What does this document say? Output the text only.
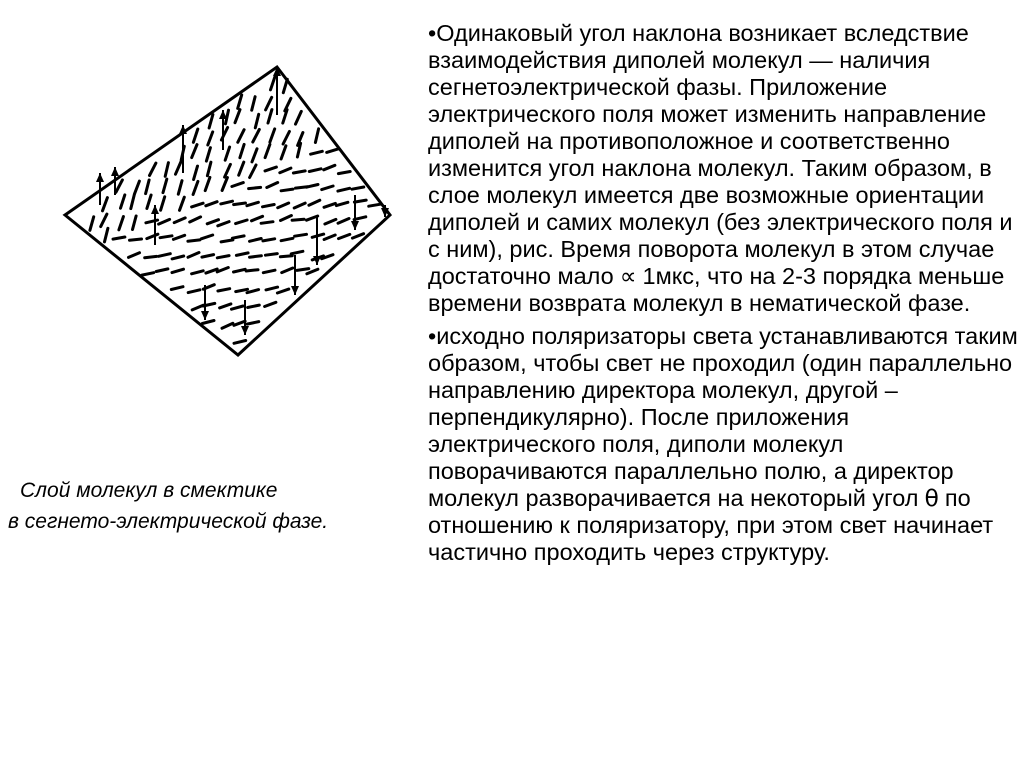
Слой молекул в смектике
в сегнето-электрической фазе.

•Одинаковый угол наклона возникает вследствие взаимодействия диполей молекул — наличия сегнетоэлектрической фазы. Приложение электрического поля может изменить направление диполей на противоположное и соответственно изменится угол наклона молекул. Таким образом, в слое молекул имеется две возможные ориентации диполей и самих молекул (без электрического поля и с ним), рис. Время поворота молекул в этом случае достаточно мало ∝ 1мкс, что на 2-3 порядка меньше времени возврата молекул в нематической фазе.

•исходно поляризаторы света устанавливаются таким образом, чтобы свет не проходил (один параллельно направлению директора молекул, другой – перпендикулярно). После приложения электрического поля, диполи молекул поворачиваются параллельно полю, а директор молекул разворачивается на некоторый угол θ по отношению к поляризатору, при этом свет начинает частично проходить через структуру.
